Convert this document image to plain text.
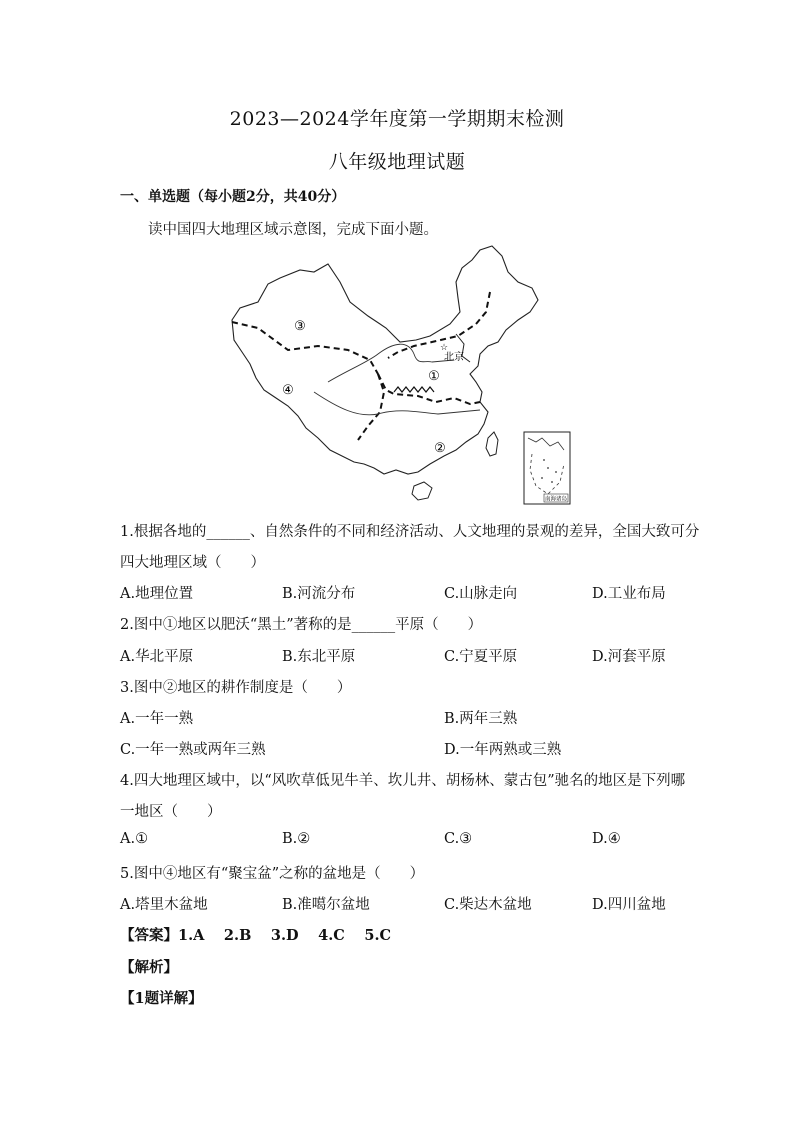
2023—2024学年度第一学期期末检测
八年级地理试题
一、单选题（每小题2分，共40分）
读中国四大地理区域示意图，完成下面小题。
☆
北京
①
②
③
④
南海诸岛
1.根据各地的______、自然条件的不同和经济活动、人文地理的景观的差异，全国大致可分
四大地理区域（　　）
A.地理位置	B.河流分布	C.山脉走向	D.工业布局
2.图中①地区以肥沃“黑土”著称的是______平原（　　）
A.华北平原	B.东北平原	C.宁夏平原	D.河套平原
3.图中②地区的耕作制度是（　　）
A.一年一熟	B.两年三熟
C.一年一熟或两年三熟	D.一年两熟或三熟
4.四大地理区域中，以“风吹草低见牛羊、坎儿井、胡杨林、蒙古包”驰名的地区是下列哪
一地区（　　）
A.①	B.②	C.③	D.④
5.图中④地区有“聚宝盆”之称的盆地是（　　）
A.塔里木盆地	B.准噶尔盆地	C.柴达木盆地	D.四川盆地
【答案】1.A　 2.B　 3.D　 4.C　 5.C
【解析】
【1题详解】
